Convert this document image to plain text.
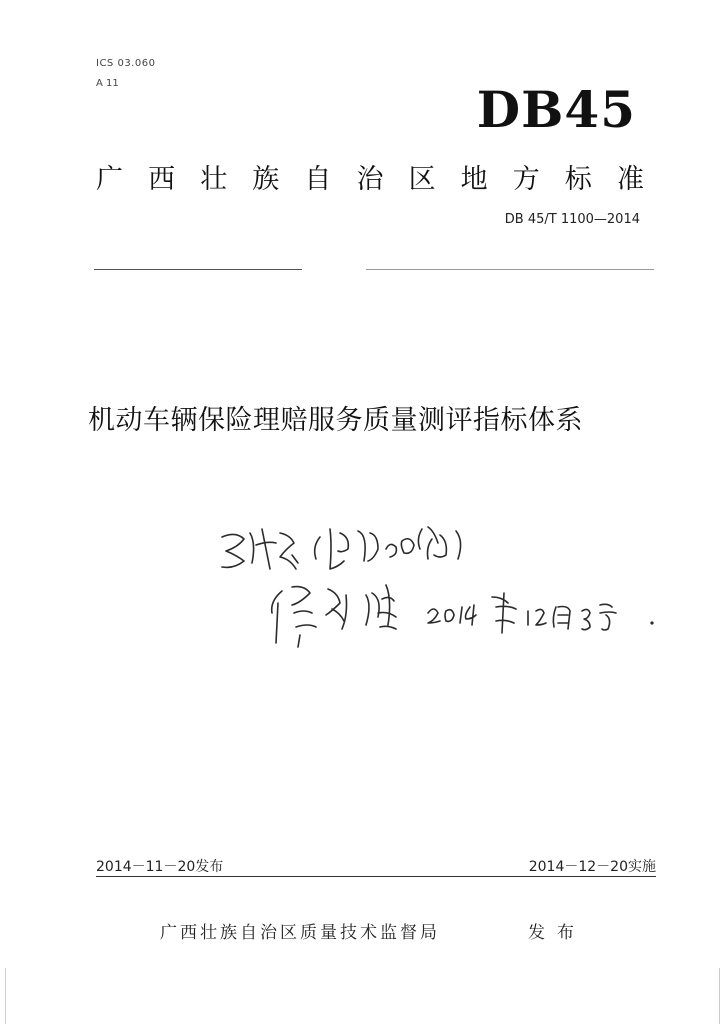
ICS 03.060
A 11	DB45
广 西 壮 族 自 治 区 地 方 标 准
DB 45/T 1100—2014
机动车辆保险理赔服务质量测评指标体系
2014－11－20发布	2014－12－20实施
广西壮族自治区质量技术监督局	发布
